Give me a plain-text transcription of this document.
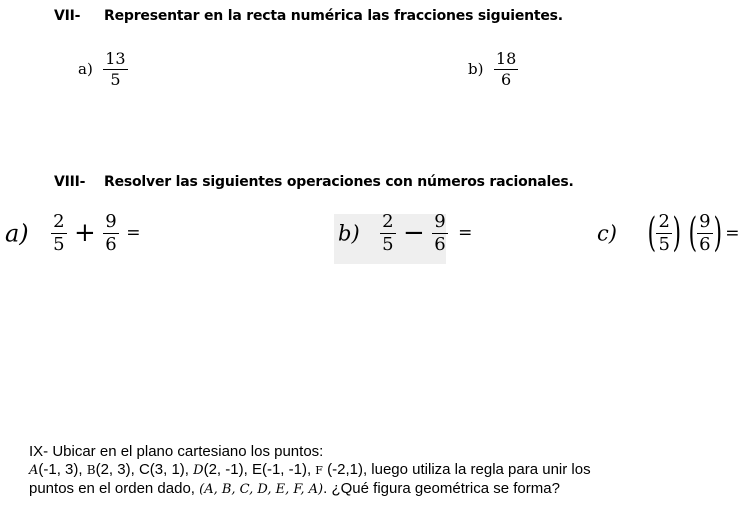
VII- Representar en la recta numérica las fracciones siguientes.
$a) \frac{13}{5}$	$b) \frac{18}{6}$
VIII- Resolver las siguientes operaciones con números racionales.
$a) \frac{2}{5} + \frac{9}{6}$ =	$b) \frac{2}{5} - \frac{9}{6}$ =	c) ( $\frac{2}{5}$ ) ( $\frac{9}{6}$ ) =
IX- Ubicar en el plano cartesiano los puntos:
A(-1, 3), B(2, 3), C(3, 1), D(2, -1), E(-1, -1), F (-2,1), luego utiliza la regla para unir los
puntos en el orden dado, (A, B, C, D, E, F, A). ¿Qué figura geométrica se forma?
